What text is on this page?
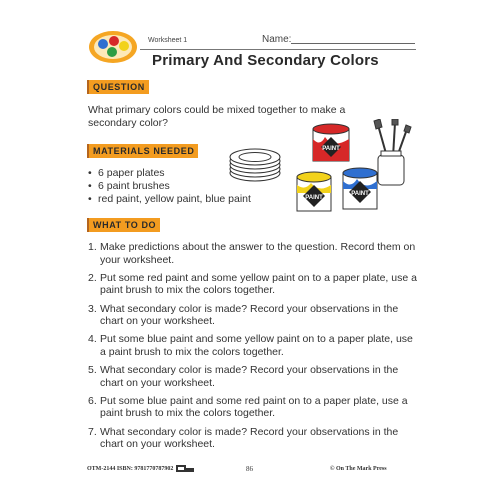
Worksheet 1	Name:
Primary And Secondary Colors
QUESTION
What primary colors could be mixed together to make a secondary color?
MATERIALS NEEDED
• 6 paper plates
• 6 paint brushes
• red paint, yellow paint, blue paint
PAINT
PAINT
PAINT
WHAT TO DO
1. Make predictions about the answer to the question. Record them on your worksheet.
2. Put some red paint and some yellow paint on to a paper plate, use a paint brush to mix the colors together.
3. What secondary color is made? Record your observations in the chart on your worksheet.
4. Put some blue paint and some yellow paint on to a paper plate, use a paint brush to mix the colors together.
5. What secondary color is made? Record your observations in the chart on your worksheet.
6. Put some blue paint and some red paint on to a paper plate, use a paint brush to mix the colors together.
7. What secondary color is made? Record your observations in the chart on your worksheet.
OTM-2144 ISBN: 9781770787902	86	© On The Mark Press
